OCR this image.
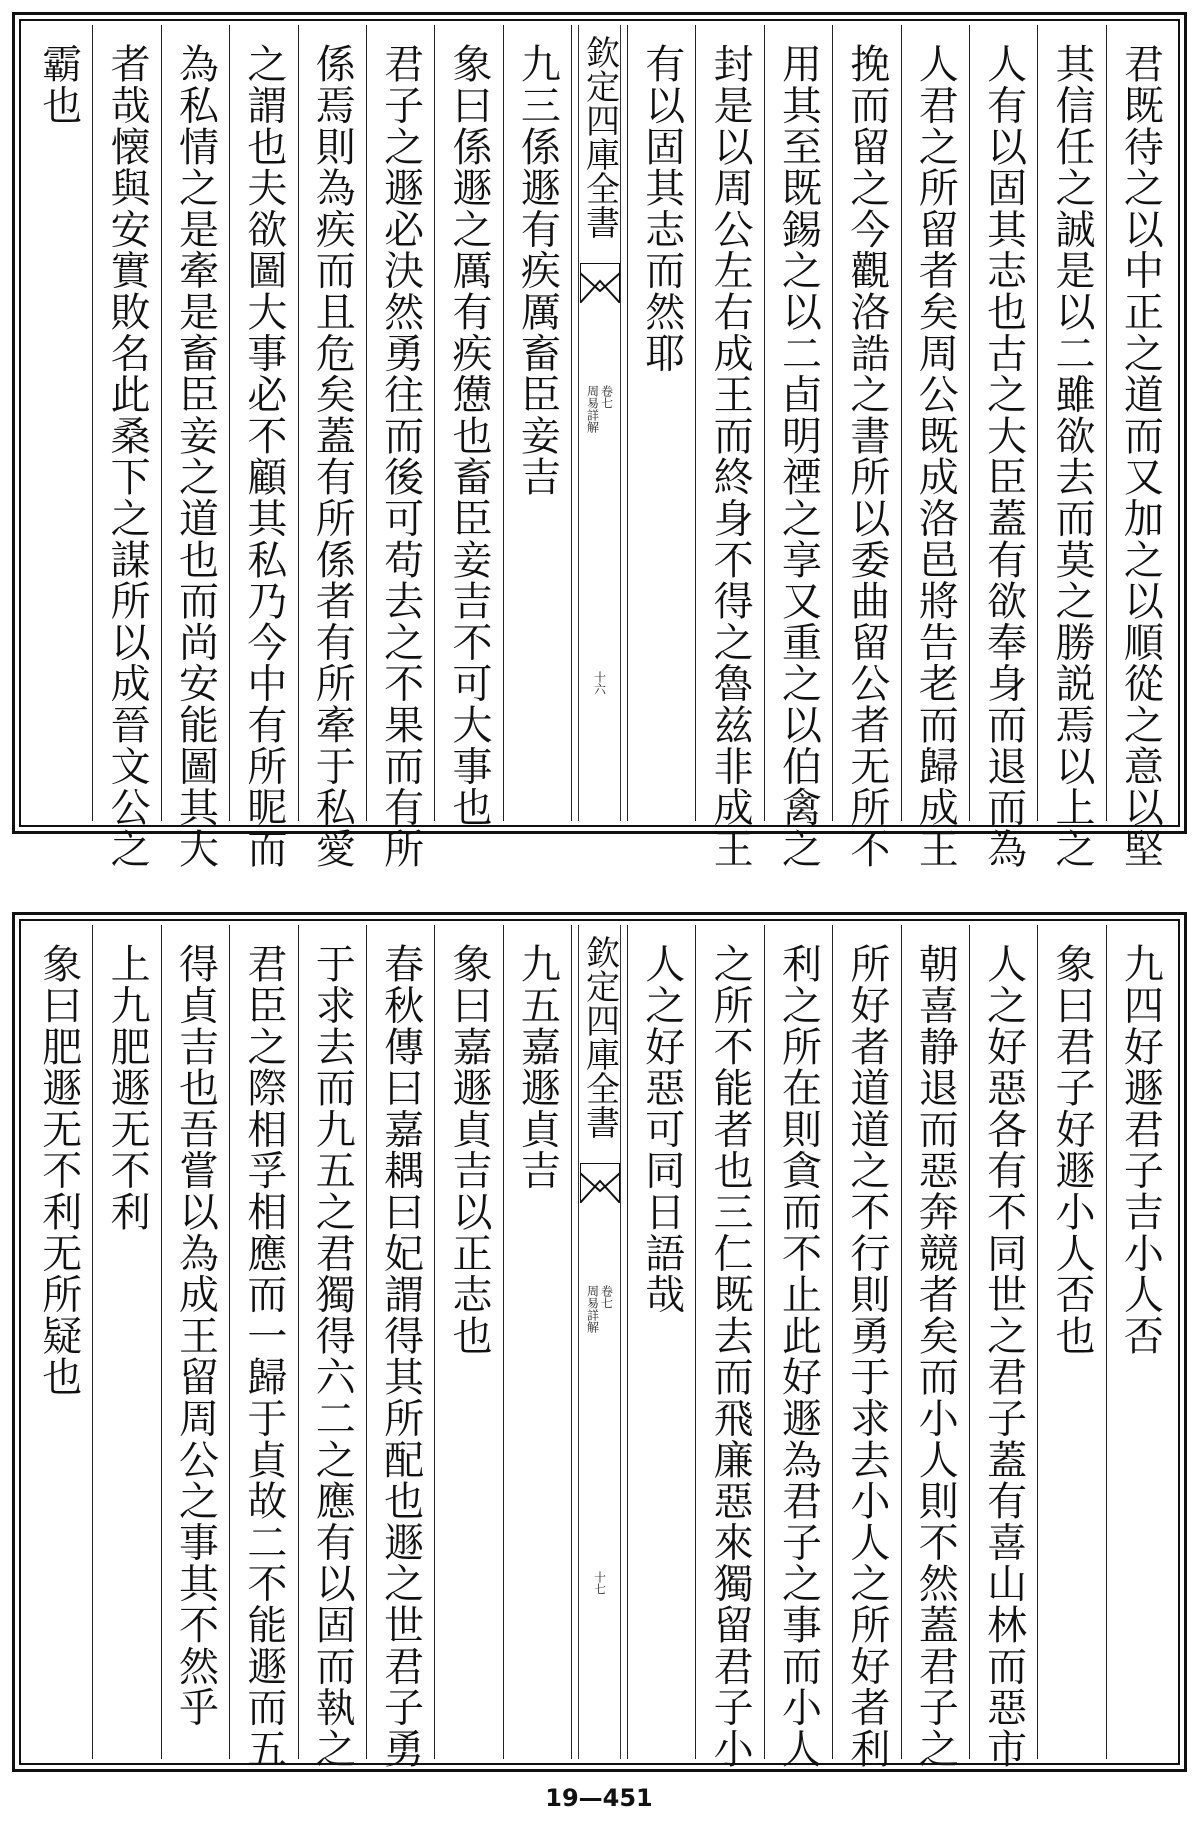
君既待之以中正之道而又加之以順從之意以堅
其信任之誠是以二雖欲去而莫之勝説焉以上之
人有以固其志也古之大臣蓋有欲奉身而退而為
人君之所留者矣周公既成洛邑將告老而歸成王
挽而留之今觀洛誥之書所以委曲留公者无所不
用其至既錫之以二卣明禋之享又重之以伯禽之
封是以周公左右成王而終身不得之魯兹非成王
有以固其志而然耶
欽定四庫全書
周易詳解 卷七
十六
九三係遯有疾厲畜臣妾吉
象曰係遯之厲有疾憊也畜臣妾吉不可大事也
君子之遯必決然勇往而後可苟去之不果而有所
係焉則為疾而且危矣蓋有所係者有所牽于私愛
之謂也夫欲圖大事必不顧其私乃今中有所昵而
為私情之是牽是畜臣妾之道也而尚安能圖其大
者哉懐與安實敗名此桑下之謀所以成晉文公之
霸也
九四好遯君子吉小人否
象曰君子好遯小人否也
人之好惡各有不同世之君子蓋有喜山林而惡市
朝喜静退而惡奔競者矣而小人則不然蓋君子之
所好者道道之不行則勇于求去小人之所好者利
利之所在則貪而不止此好遯為君子之事而小人
之所不能者也三仁既去而飛廉惡來獨留君子小
人之好惡可同日語哉
欽定四庫全書
周易詳解 卷七
十七
九五嘉遯貞吉
象曰嘉遯貞吉以正志也
春秋傳曰嘉耦曰妃謂得其所配也遯之世君子勇
于求去而九五之君獨得六二之應有以固而執之
君臣之際相孚相應而一歸于貞故二不能遯而五
得貞吉也吾嘗以為成王留周公之事其不然乎
上九肥遯无不利
象曰肥遯无不利无所疑也
19—451
